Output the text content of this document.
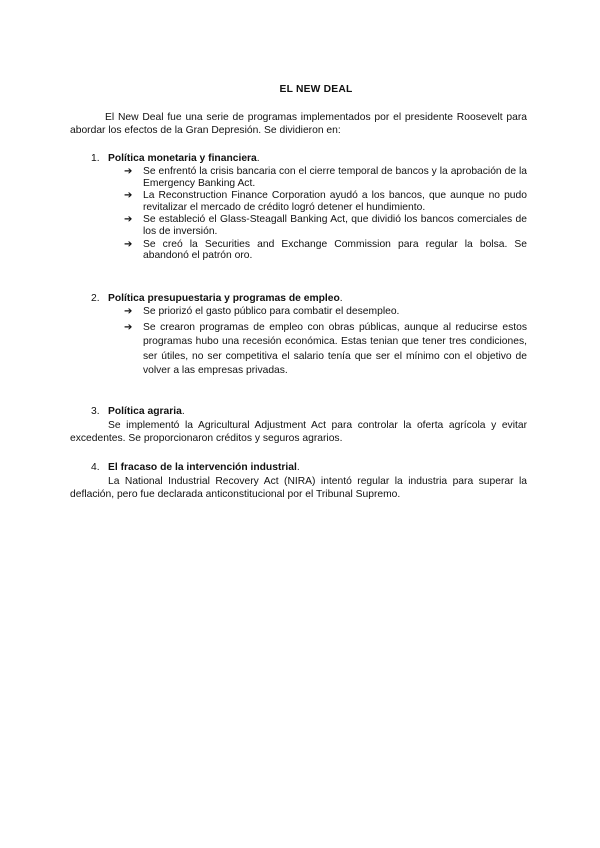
EL NEW DEAL
El New Deal fue una serie de programas implementados por el presidente Roosevelt para abordar los efectos de la Gran Depresión. Se dividieron en:
1. Política monetaria y financiera.
➔ Se enfrentó la crisis bancaria con el cierre temporal de bancos y la aprobación de la Emergency Banking Act.
➔ La Reconstruction Finance Corporation ayudó a los bancos, que aunque no pudo revitalizar el mercado de crédito logró detener el hundimiento.
➔ Se estableció el Glass-Steagall Banking Act, que dividió los bancos comerciales de los de inversión.
➔ Se creó la Securities and Exchange Commission para regular la bolsa. Se abandonó el patrón oro.
2. Política presupuestaria y programas de empleo.
➔ Se priorizó el gasto público para combatir el desempleo.
➔ Se crearon programas de empleo con obras públicas, aunque al reducirse estos programas hubo una recesión económica. Estas tenian que tener tres condiciones, ser útiles, no ser competitiva el salario tenía que ser el mínimo con el objetivo de volver a las empresas privadas.
3. Política agraria.
Se implementó la Agricultural Adjustment Act para controlar la oferta agrícola y evitar excedentes. Se proporcionaron créditos y seguros agrarios.
4. El fracaso de la intervención industrial.
La National Industrial Recovery Act (NIRA) intentó regular la industria para superar la deflación, pero fue declarada anticonstitucional por el Tribunal Supremo.
